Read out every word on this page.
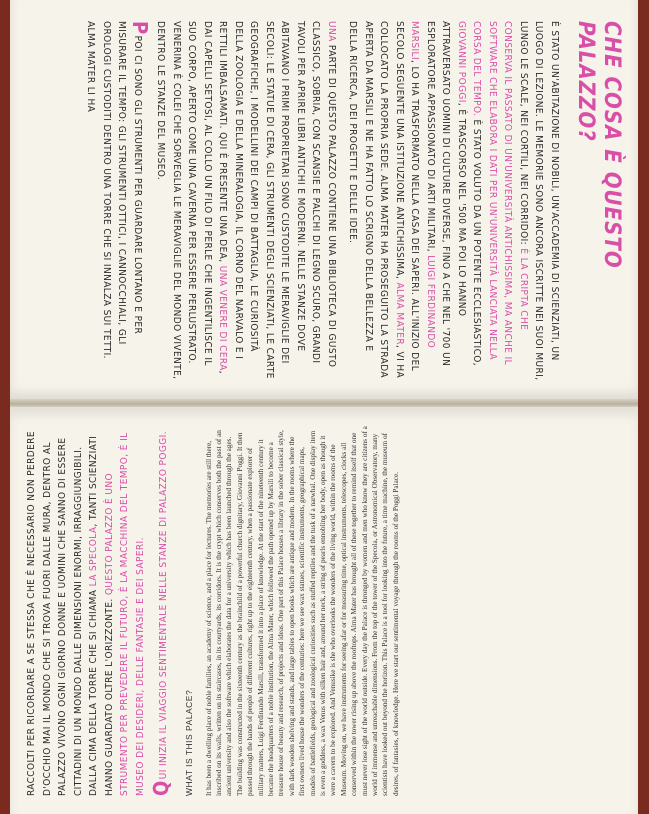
CHE COSA È QUESTO PALAZZO?

È STATO UN'ABITAZIONE DI NOBILI, UN'ACCADEMIA DI SCIENZIATI, UN LUOGO DI LEZIONE. LE MEMORIE SONO ANCORA ISCRITTE NEI SUOI MURI, LUNGO LE SCALE, NEI CORTILI, NEI CORRIDOI: È LA CRIPTA CHE CONSERVA IL PASSATO DI UN'UNIVERSITÀ ANTICHISSIMA, MA ANCHE IL SOFTWARE CHE ELABORA I DATI PER UN'UNIVERSITÀ LANCIATA NELLA CORSA DEL TEMPO. È STATO VOLUTO DA UN POTENTE ECCLESIASTICO, GIOVANNI POGGI, È TRASCORSO NEL '500 MA POI LO HANNO ATTRAVERSATO UOMINI DI CULTURE DIVERSE, FINO A CHE NEL '700 UN ESPLORATORE APPASSIONATO DI ARTI MILITARI, LUIGI FERDINANDO MARSILI, LO HA TRASFORMATO NELLA CASA DEI SAPERI. ALL'INIZIO DEL SECOLO SEGUENTE UNA ISTITUZIONE ANTICHISSIMA, ALMA MATER, VI HA COLLOCATO LA PROPRIA SEDE. ALMA MATER HA PROSEGUITO LA STRADA APERTA DA MARSILI E NE HA FATTO LO SCRIGNO DELLA BELLEZZA E DELLA RICERCA, DEI PROGETTI E DELLE IDEE.

UNA PARTE DI QUESTO PALAZZO CONTIENE UNA BIBLIOTECA DI GUSTO CLASSICO, SOBRIA, CON SCANSIE E PALCHI DI LEGNO SCURO, GRANDI TAVOLI PER APRIRE LIBRI ANTICHI E MODERNI. NELLE STANZE DOVE ABITAVANO I PRIMI PROPRIETARI SONO CUSTODITE LE MERAVIGLIE DEI SECOLI: LE STATUE DI CERA, GLI STRUMENTI DEGLI SCIENZIATI, LE CARTE GEOGRAFICHE, I MODELLINI DEI CAMPI DI BATTAGLIA, LE CURIOSITÀ DELLA ZOOLOGIA E DELLA MINERALOGIA, IL CORNO DEL NARVALO E I RETTILI IMBALSAMATI. QUI È PRESENTE UNA DEA, UNA VENERE DI CERA, DAI CAPELLI SETOSI, AL COLLO UN FILO DI PERLE CHE INGENTILISCE IL SUO CORPO, APERTO COME UNA CAVERNA PER ESSERE PERLUSTRATO. VENERINA È COLEI CHE SORVEGLIA LE MERAVIGLIE DEL MONDO VIVENTE, DENTRO LE STANZE DEL MUSEO.

PPOI CI SONO GLI STRUMENTI PER GUARDARE LONTANO E PER MISURARE IL TEMPO: GLI STRUMENTI OTTICI, I CANNOCCHIALI, GLI OROLOGI CUSTODITI DENTRO UNA TORRE CHE SI INNALZA SUI TETTI. ALMA MATER LI HA

RACCOLTI PER RICORDARE A SE STESSA CHE È NECESSARIO NON PERDERE D'OCCHIO MAI IL MONDO CHE SI TROVA FUORI DALLE MURA, DENTRO AL PALAZZO VIVONO OGNI GIORNO DONNE E UOMINI CHE SANNO DI ESSERE CITTADINI DI UN MONDO DALLE DIMENSIONI ENORMI, IRRAGGIUNGIBILI. DALLA CIMA DELLA TORRE CHE SI CHIAMA LA SPECOLA, TANTI SCIENZIATI HANNO GUARDATO OLTRE L'ORIZZONTE. QUESTO PALAZZO È UNO STRUMENTO PER PREVEDERE IL FUTURO, È LA MACCHINA DEL TEMPO, È IL MUSEO DEI DESIDERI, DELLE FANTASIE E DEI SAPERI. QUI INIZIA IL VIAGGIO SENTIMENTALE NELLE STANZE DI PALAZZO POGGI. WHAT IS THIS PALACE? It has been a dwelling place of noble families, an academy of science, and a place for lectures. The memories are still there, inscribed on its walls, written on its staircases, in its courtyards, its corridors. It is the crypt which conserves both the past of an ancient university and also the software which elaborates the data for a university which has been launched through the ages. The building was constructed in the sixteenth century as the brainchild of a powerful church dignitary, Giovanni Poggi. It then passed through the hands of people of different cultures, right up to the eighteenth century, when a passionate explorer of military matters, Luigi Ferdinando Marsili, transformed it into a place of knowledge. At the start of the nineteenth century it became the headquarters of a noble institution, the Alma Mater, which followed the path opened up by Marsili to become a treasure house of beauty and research, of projects and ideas. One part of this Palace houses a library in the sober classical style, with dark wooden shelving and stands, and large tables to open books which are antique and modern. In the rooms where the first owners lived house the wonders of the centuries: here we see wax statues, scientific instruments, geographical maps, models of battlefields, geological and zoological curiosities such as stuffed reptiles and the tusk of a narwhal. One display item is even a goddess, a wax Venus with silken hair and, around her neck, a string of pearls ennobling her body, open as though it were a cavern to be explored. And Venusike is she who overlooks the wonders of the living world, within the rooms of the Museum. Moving on, we have instruments for seeing afar or for measuring time, optical instruments, telescopes, clocks all conserved within the tower rising up above the rooftops. Alma Mater has brought all of these together to remind itself that one must never lose sight of the world outside. Every day the Palace is thronged by women and men who know they are citizens of a world of immense and unreachable dimensions. From the top of the tower of the Specola, or Astronomical Observatory, many scientists have looked out beyond the horizon. This Palace is a tool for looking into the future, a time machine, the museum of desires, of fantasies, of knowledge. Here we start our sentimental voyage through the rooms of the Poggi Palace.
